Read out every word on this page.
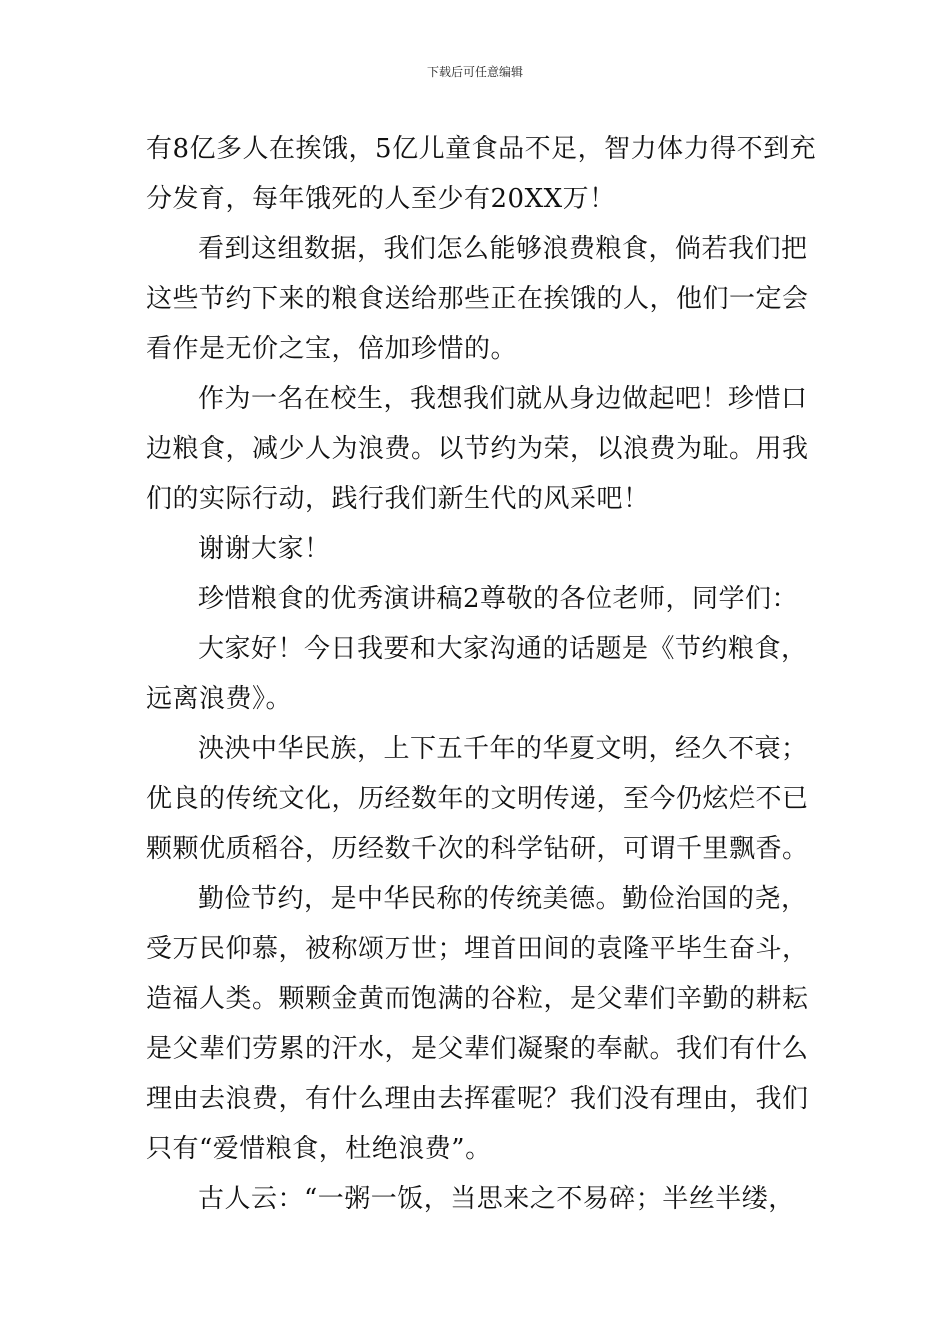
下载后可任意编辑
有8亿多人在挨饿，5亿儿童食品不足，智力体力得不到充
分发育，每年饿死的人至少有20XX万！
看到这组数据，我们怎么能够浪费粮食，倘若我们把
这些节约下来的粮食送给那些正在挨饿的人，他们一定会
看作是无价之宝，倍加珍惜的。
作为一名在校生，我想我们就从身边做起吧！珍惜口
边粮食，减少人为浪费。以节约为荣，以浪费为耻。用我
们的实际行动，践行我们新生代的风采吧！
谢谢大家！
珍惜粮食的优秀演讲稿2尊敬的各位老师，同学们：
大家好！今日我要和大家沟通的话题是《节约粮食，
远离浪费》。
泱泱中华民族，上下五千年的华夏文明，经久不衰；
优良的传统文化，历经数年的文明传递，至今仍炫烂不已
颗颗优质稻谷，历经数千次的科学钻研，可谓千里飘香。
勤俭节约，是中华民称的传统美德。勤俭治国的尧，
受万民仰慕，被称颂万世；埋首田间的袁隆平毕生奋斗，
造福人类。颗颗金黄而饱满的谷粒，是父辈们辛勤的耕耘
是父辈们劳累的汗水，是父辈们凝聚的奉献。我们有什么
理由去浪费，有什么理由去挥霍呢？我们没有理由，我们
只有“爱惜粮食，杜绝浪费”。
古人云：“一粥一饭，当思来之不易碎；半丝半缕，
